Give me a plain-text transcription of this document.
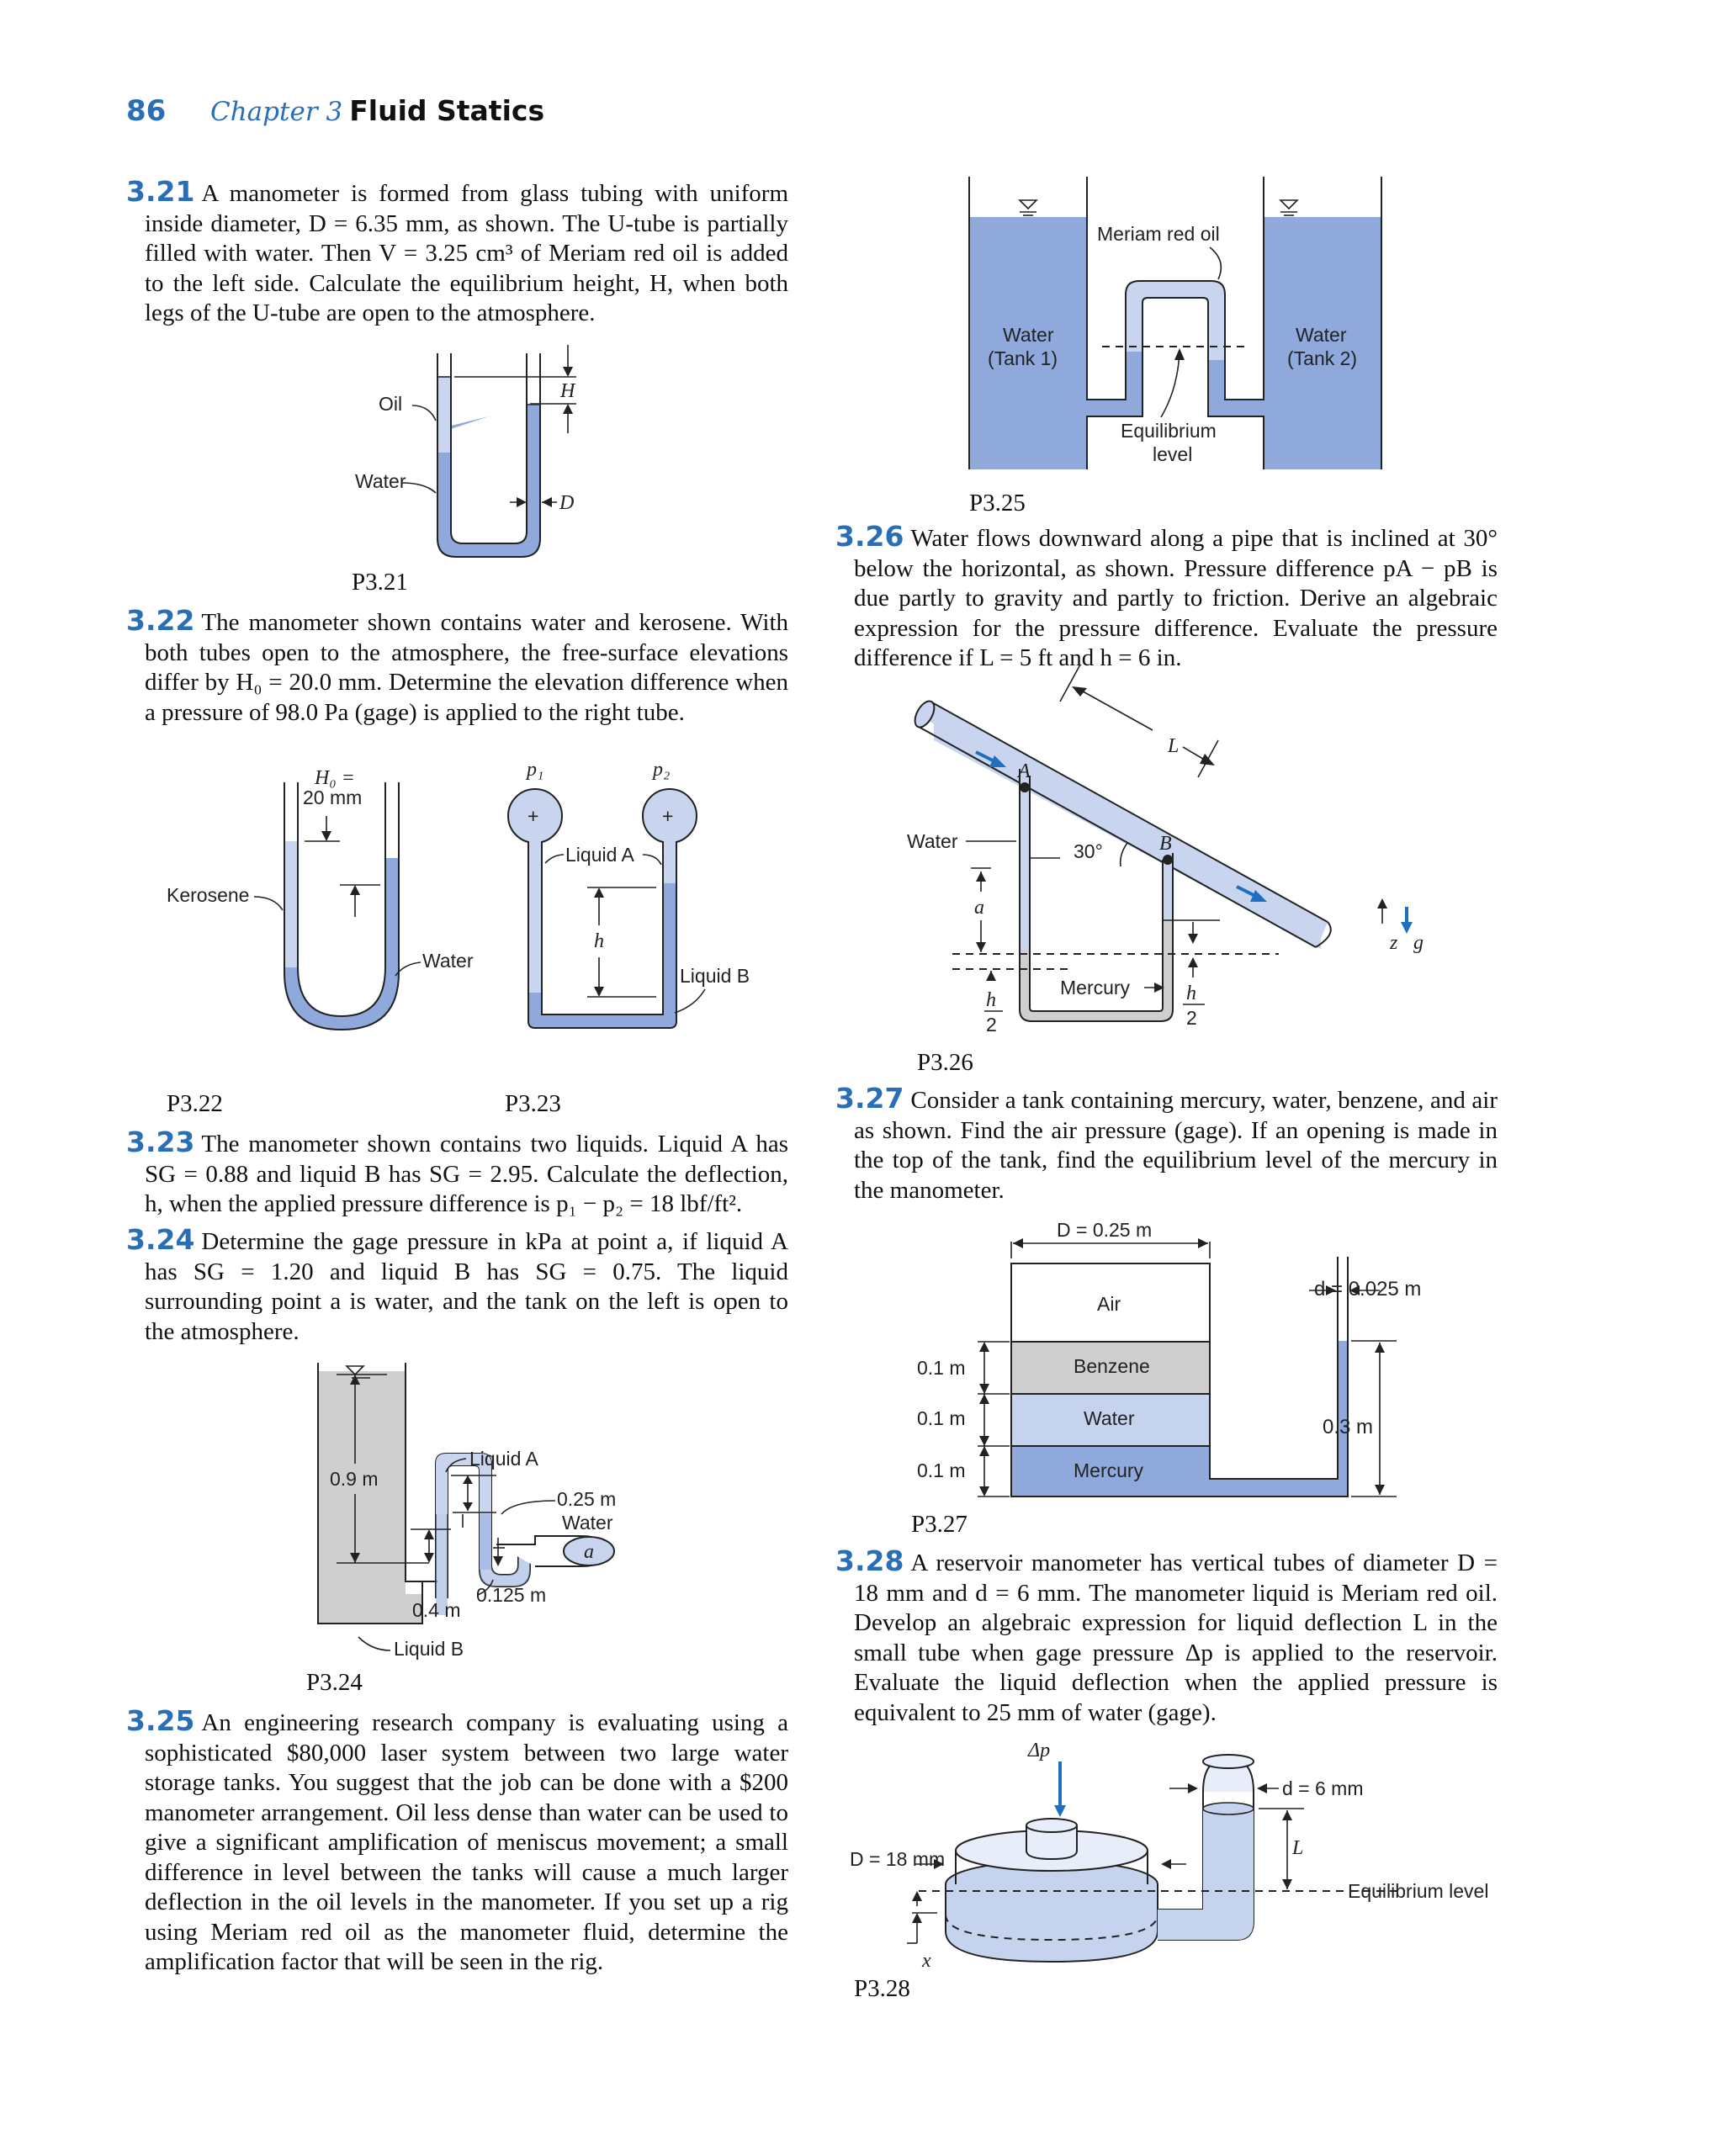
86 Chapter 3 Fluid Statics
3.21 A manometer is formed from glass tubing with uniform inside diameter, D = 6.35 mm, as shown. The U-tube is partially filled with water. Then V = 3.25 cm³ of Meriam red oil is added to the left side. Calculate the equilibrium height, H, when both legs of the U-tube are open to the atmosphere.
3.22 The manometer shown contains water and kerosene. With both tubes open to the atmosphere, the free-surface elevations differ by H₀ = 20.0 mm. Determine the elevation difference when a pressure of 98.0 Pa (gage) is applied to the right tube.
3.23 The manometer shown contains two liquids. Liquid A has SG = 0.88 and liquid B has SG = 2.95. Calculate the deflection, h, when the applied pressure difference is p₁ − p₂ = 18 lbf/ft².
3.24 Determine the gage pressure in kPa at point a, if liquid A has SG = 1.20 and liquid B has SG = 0.75. The liquid surrounding point a is water, and the tank on the left is open to the atmosphere.
3.25 An engineering research company is evaluating using a sophisticated $80,000 laser system between two large water storage tanks. You suggest that the job can be done with a $200 manometer arrangement. Oil less dense than water can be used to give a significant amplification of meniscus movement; a small difference in level between the tanks will cause a much larger deflection in the oil levels in the manometer. If you set up a rig using Meriam red oil as the manometer fluid, determine the amplification factor that will be seen in the rig.
3.26 Water flows downward along a pipe that is inclined at 30° below the horizontal, as shown. Pressure difference pA − pB is due partly to gravity and partly to friction. Derive an algebraic expression for the pressure difference. Evaluate the pressure difference if L = 5 ft and h = 6 in.
3.27 Consider a tank containing mercury, water, benzene, and air as shown. Find the air pressure (gage). If an opening is made in the top of the tank, find the equilibrium level of the mercury in the manometer.
3.28 A reservoir manometer has vertical tubes of diameter D = 18 mm and d = 6 mm. The manometer liquid is Meriam red oil. Develop an algebraic expression for liquid deflection L in the small tube when gage pressure Δp is applied to the reservoir. Evaluate the liquid deflection when the applied pressure is equivalent to 25 mm of water (gage).
P3.21
P3.22	P3.23
P3.24
P3.25
P3.26
P3.27
P3.28
H
D
Oil
Water
H₀ =
20 mm
Kerosene
Water
+	+
p₁	p₂
h
Liquid A
Liquid B
a
0.9 m
Liquid A
0.25 m
Water
0.125 m
0.4 m
Liquid B
Meriam red oil
Water
(Tank 1)
Water
(Tank 2)
Equilibrium
level
A
B
30°
L
Water
a
h
2
h
2
Mercury
z g
D = 0.25 m
d = 0.025 m
Air
Benzene
Water
Mercury
0.1 m
0.1 m
0.1 m
0.3 m
Δp
d = 6 mm
D = 18 mm	L
Equilibrium level
x
